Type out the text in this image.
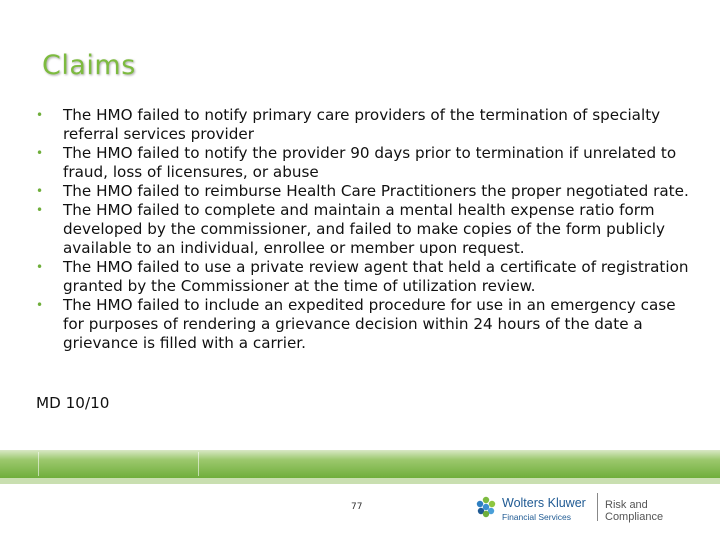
Claims
• The HMO failed to notify primary care providers of the termination of specialty referral services provider
• The HMO failed to notify the provider 90 days prior to termination if unrelated to fraud, loss of licensures, or abuse
• The HMO failed to reimburse Health Care Practitioners the proper negotiated rate.
• The HMO failed to complete and maintain a mental health expense ratio form developed by the commissioner, and failed to make copies of the form publicly available to an individual, enrollee or member upon request.
• The HMO failed to use a private review agent that held a certificate of registration granted by the Commissioner at the time of utilization review.
• The HMO failed to include an expedited procedure for use in an emergency case for purposes of rendering a grievance decision within 24 hours of the date a grievance is filled with a carrier.
MD 10/10
77	Wolters Kluwer
Financial Services
Risk and Compliance
